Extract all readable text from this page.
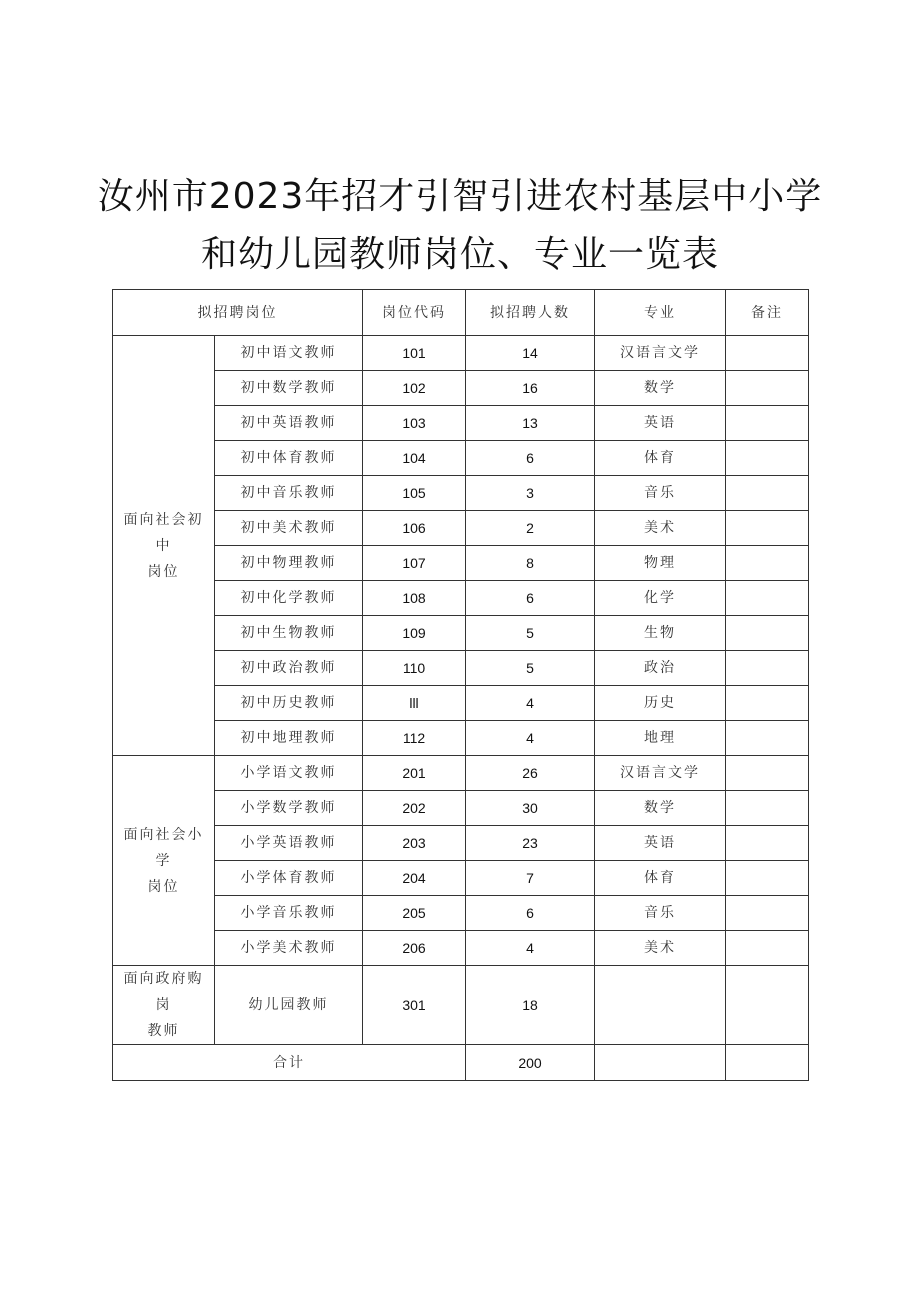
汝州市2023年招才引智引进农村基层中小学
和幼儿园教师岗位、专业一览表
拟招聘岗位		岗位代码	拟招聘人数	专业	备注

面向社会初中
岗位	初中语文教师	101	14	汉语言文学	
	初中数学教师	102	16	数学	
	初中英语教师	103	13	英语	
	初中体育教师	104	6	体育	
	初中音乐教师	105	3	音乐	
	初中美术教师	106	2	美术	
	初中物理教师	107	8	物理	
	初中化学教师	108	6	化学	
	初中生物教师	109	5	生物	
	初中政治教师	110	5	政治	
	初中历史教师	lll	4	历史	
	初中地理教师	112	4	地理	

面向社会小学
岗位	小学语文教师	201	26	汉语言文学	
	小学数学教师	202	30	数学	
	小学英语教师	203	23	英语	
	小学体育教师	204	7	体育	
	小学音乐教师	205	6	音乐	
	小学美术教师	206	4	美术	

面向政府购岗
教师	幼儿园教师	301	18		
合计			200		
